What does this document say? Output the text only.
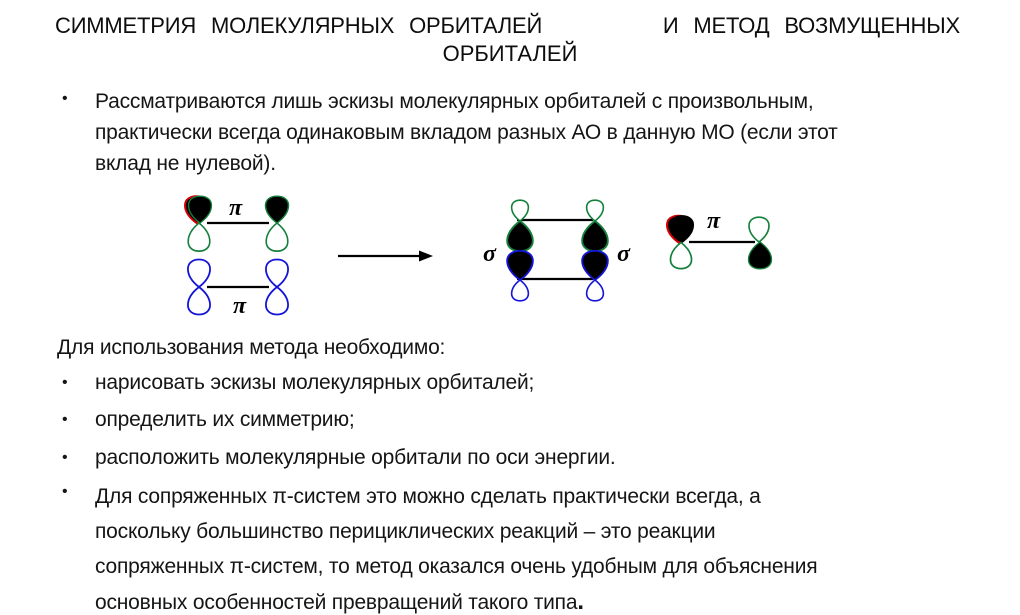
СИММЕТРИЯ МОЛЕКУЛЯРНЫХ ОРБИТАЛЕЙ	И МЕТОД ВОЗМУЩЕННЫХ
ОРБИТАЛЕЙ
• Рассматриваются лишь эскизы молекулярных орбиталей с произвольным,
практически всегда одинаковым вкладом разных АО в данную МО (если этот
вклад не нулевой).
π
π
σ	σ
π
Для использования метода необходимо:
• нарисовать эскизы молекулярных орбиталей;
• определить их симметрию;
• расположить молекулярные орбитали по оси энергии.
• Для сопряженных π-систем это можно сделать практически всегда, а
поскольку большинство перициклических реакций – это реакции
сопряженных π-систем, то метод оказался очень удобным для объяснения
основных особенностей превращений такого типа.
